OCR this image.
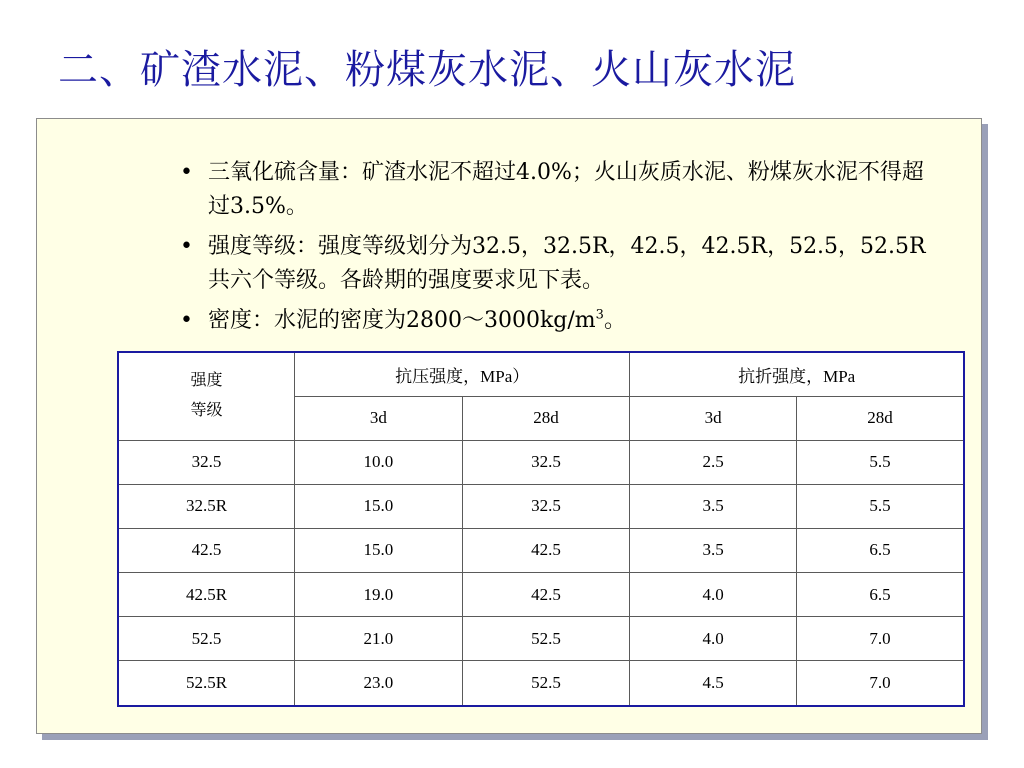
二、矿渣水泥、粉煤灰水泥、火山灰水泥
• 三氧化硫含量：矿渣水泥不超过4.0%；火山灰质水泥、粉煤灰水泥不得超过3.5%。
• 强度等级：强度等级划分为32.5，32.5R，42.5，42.5R，52.5，52.5R共六个等级。各龄期的强度要求见下表。
• 密度：水泥的密度为$2800\sim 3000kg/m^3$。
强度
等级	抗压强度，MPa）		抗折强度，MPa	
	3d	28d	3d	28d
32.5	10.0	32.5	2.5	5.5
32.5R	15.0	32.5	3.5	5.5
42.5	15.0	42.5	3.5	6.5
42.5R	19.0	42.5	4.0	6.5
52.5	21.0	52.5	4.0	7.0
52.5R	23.0	52.5	4.5	7.0
